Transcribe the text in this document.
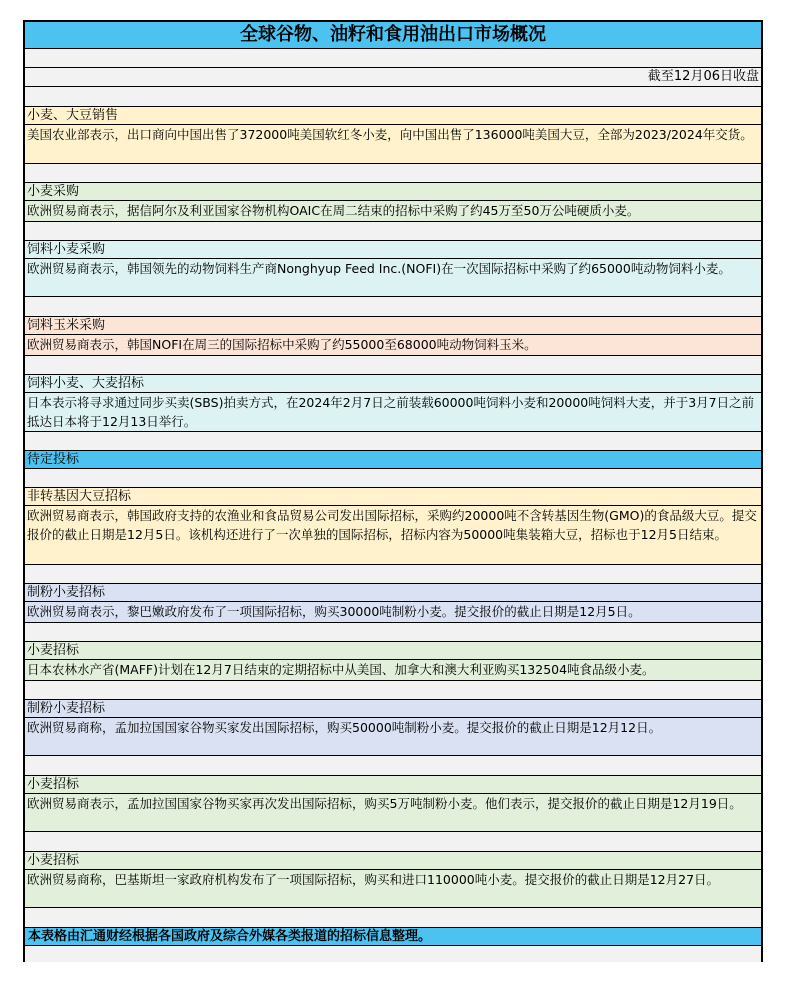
全球谷物、油籽和食用油出口市场概况
截至12月06日收盘
小麦、大豆销售
美国农业部表示，出口商向中国出售了372000吨美国软红冬小麦，向中国出售了136000吨美国大豆，全部为2023/2024年交货。
小麦采购
欧洲贸易商表示，据信阿尔及利亚国家谷物机构OAIC在周二结束的招标中采购了约45万至50万公吨硬质小麦。
饲料小麦采购
欧洲贸易商表示，韩国领先的动物饲料生产商Nonghyup Feed Inc.(NOFI)在一次国际招标中采购了约65000吨动物饲料小麦。
饲料玉米采购
欧洲贸易商表示，韩国NOFI在周三的国际招标中采购了约55000至68000吨动物饲料玉米。
饲料小麦、大麦招标
日本表示将寻求通过同步买卖(SBS)拍卖方式，在2024年2月7日之前装载60000吨饲料小麦和20000吨饲料大麦，并于3月7日之前抵达日本将于12月13日举行。
待定投标
非转基因大豆招标
欧洲贸易商表示，韩国政府支持的农渔业和食品贸易公司发出国际招标，采购约20000吨不含转基因生物(GMO)的食品级大豆。提交报价的截止日期是12月5日。该机构还进行了一次单独的国际招标，招标内容为50000吨集装箱大豆，招标也于12月5日结束。
制粉小麦招标
欧洲贸易商表示，黎巴嫩政府发布了一项国际招标，购买30000吨制粉小麦。提交报价的截止日期是12月5日。
小麦招标
日本农林水产省(MAFF)计划在12月7日结束的定期招标中从美国、加拿大和澳大利亚购买132504吨食品级小麦。
制粉小麦招标
欧洲贸易商称，孟加拉国国家谷物买家发出国际招标，购买50000吨制粉小麦。提交报价的截止日期是12月12日。
小麦招标
欧洲贸易商表示，孟加拉国国家谷物买家再次发出国际招标，购买5万吨制粉小麦。他们表示，提交报价的截止日期是12月19日。
小麦招标
欧洲贸易商称，巴基斯坦一家政府机构发布了一项国际招标，购买和进口110000吨小麦。提交报价的截止日期是12月27日。
本表格由汇通财经根据各国政府及综合外媒各类报道的招标信息整理。
